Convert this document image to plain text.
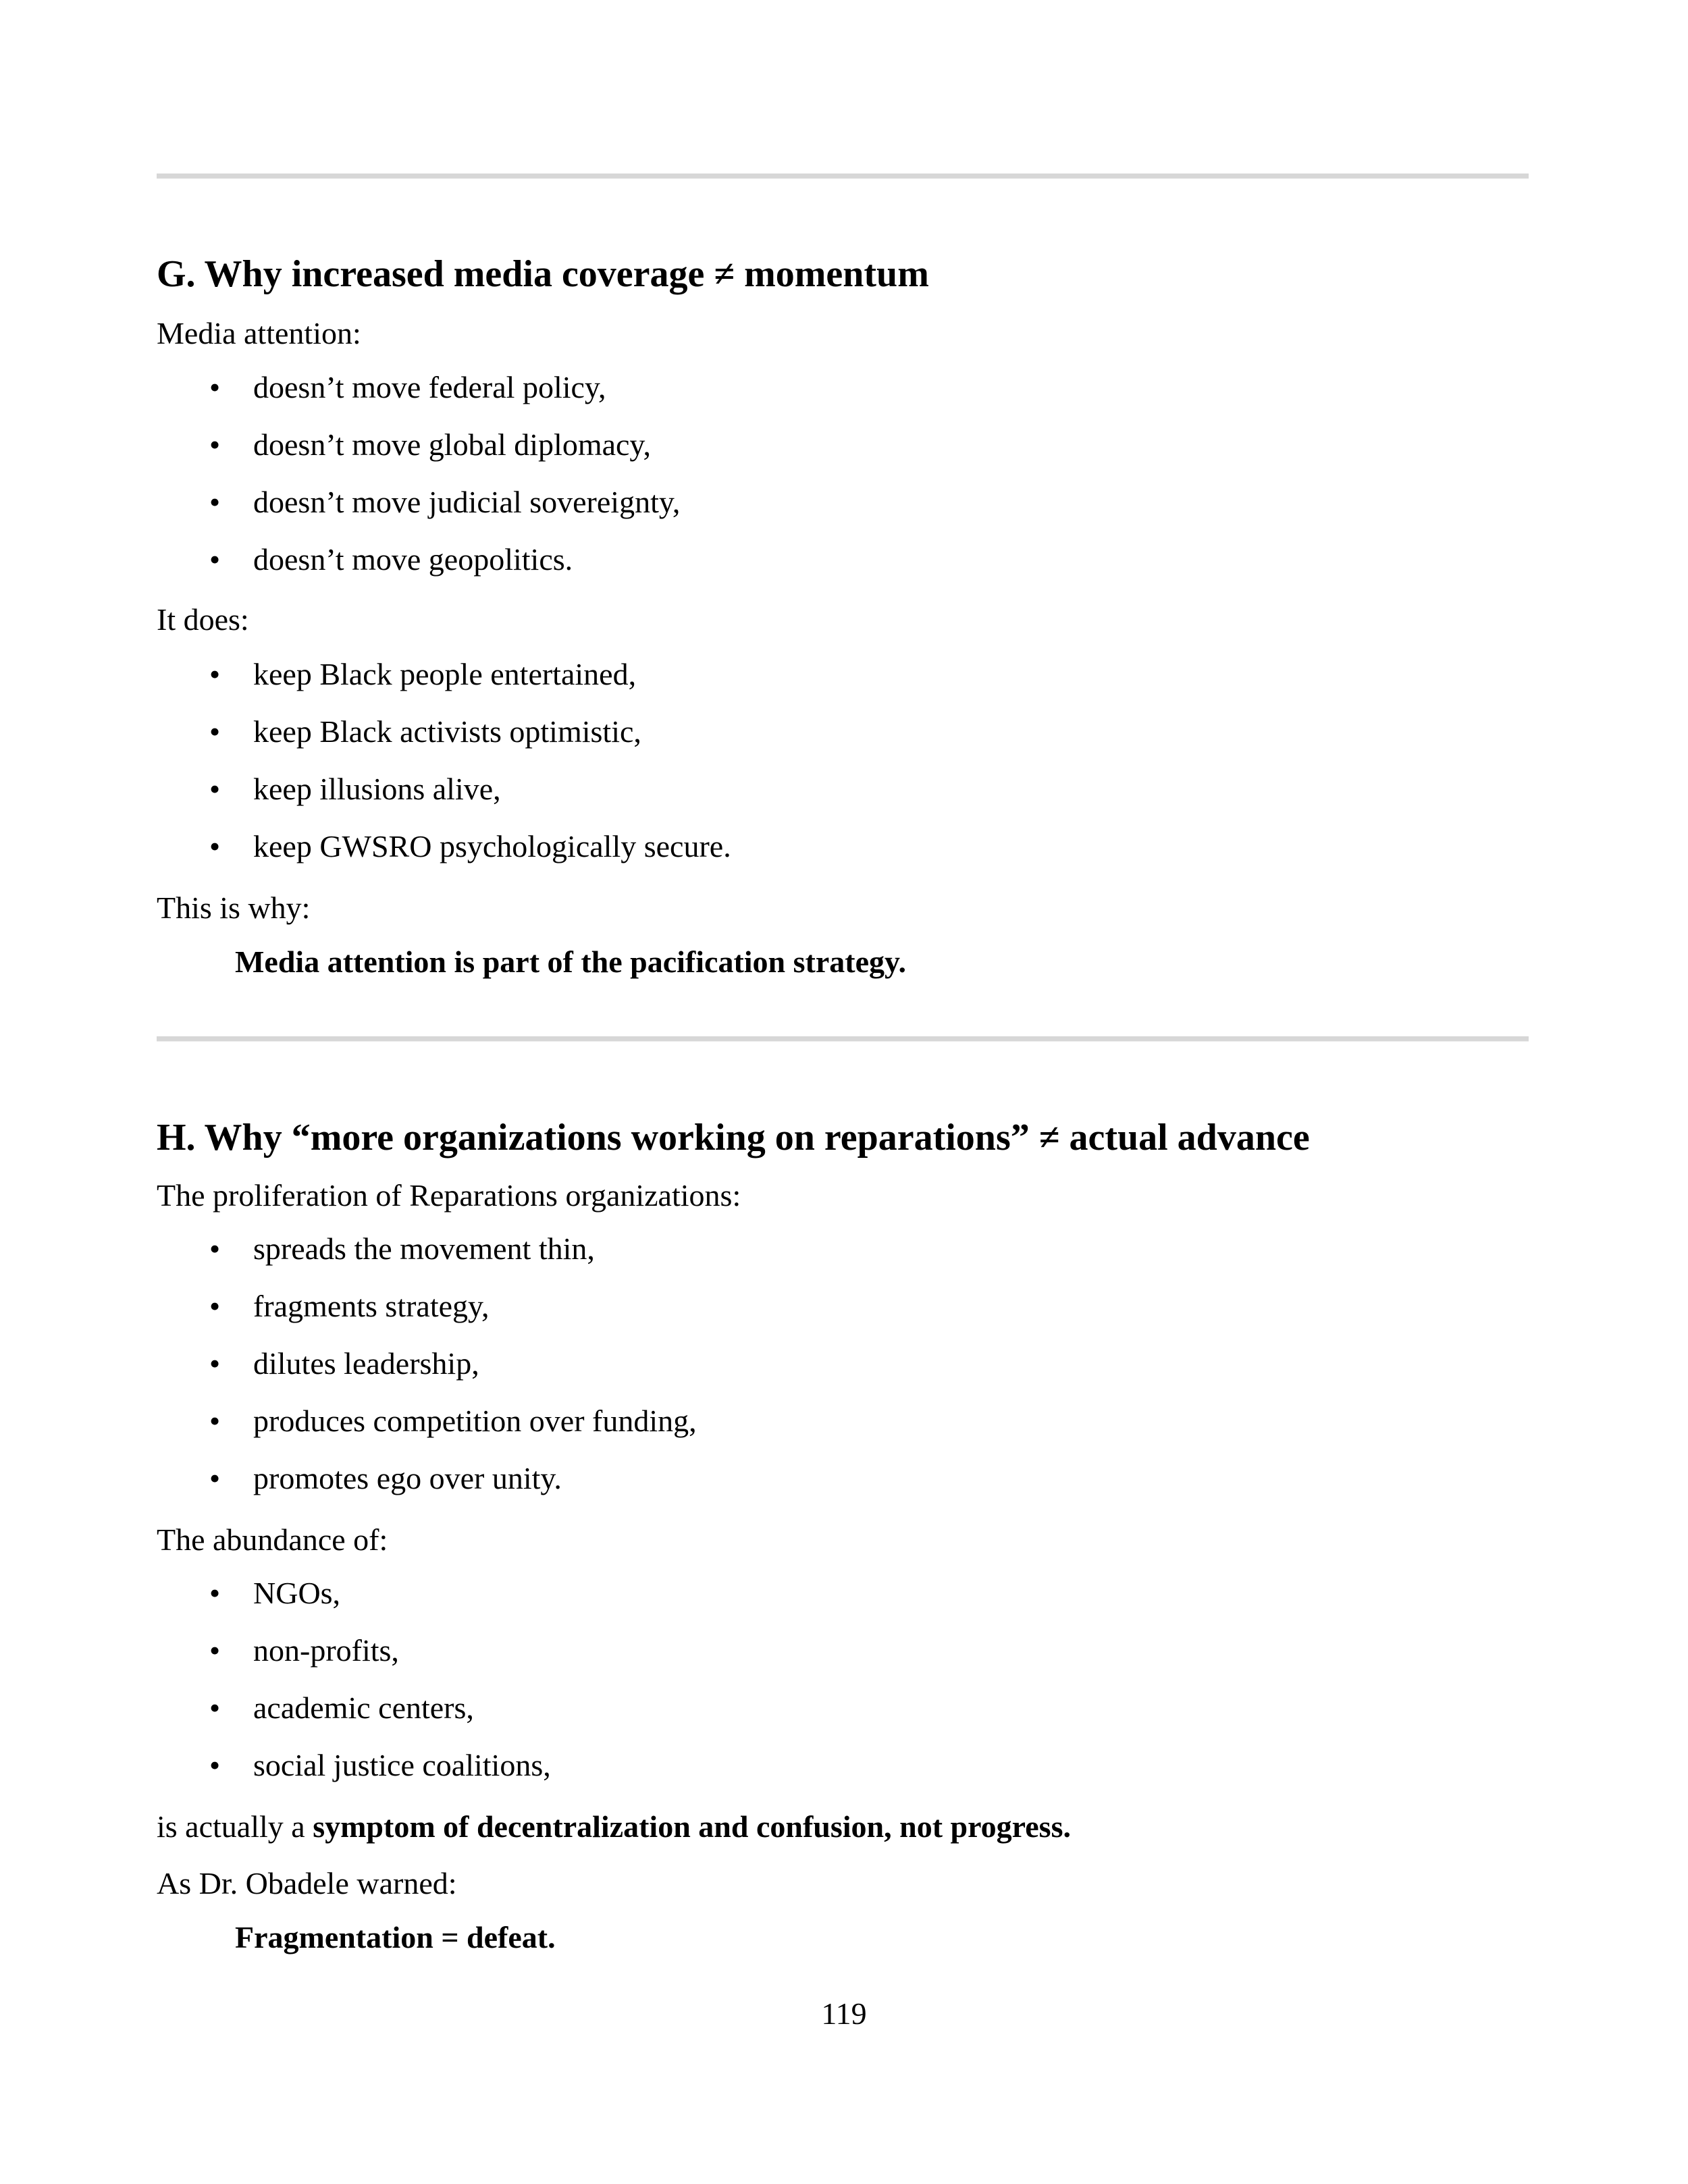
G. Why increased media coverage ≠ momentum

Media attention:

• doesn’t move federal policy,
• doesn’t move global diplomacy,
• doesn’t move judicial sovereignty,
• doesn’t move geopolitics.

It does:

• keep Black people entertained,
• keep Black activists optimistic,
• keep illusions alive,
• keep GWSRO psychologically secure.

This is why:

Media attention is part of the pacification strategy.

H. Why “more organizations working on reparations” ≠ actual advance

The proliferation of Reparations organizations:

• spreads the movement thin,
• fragments strategy,
• dilutes leadership,
• produces competition over funding,
• promotes ego over unity.

The abundance of:

• NGOs,
• non-profits,
• academic centers,
• social justice coalitions,

is actually a symptom of decentralization and confusion, not progress.

As Dr. Obadele warned:

Fragmentation = defeat.

119
